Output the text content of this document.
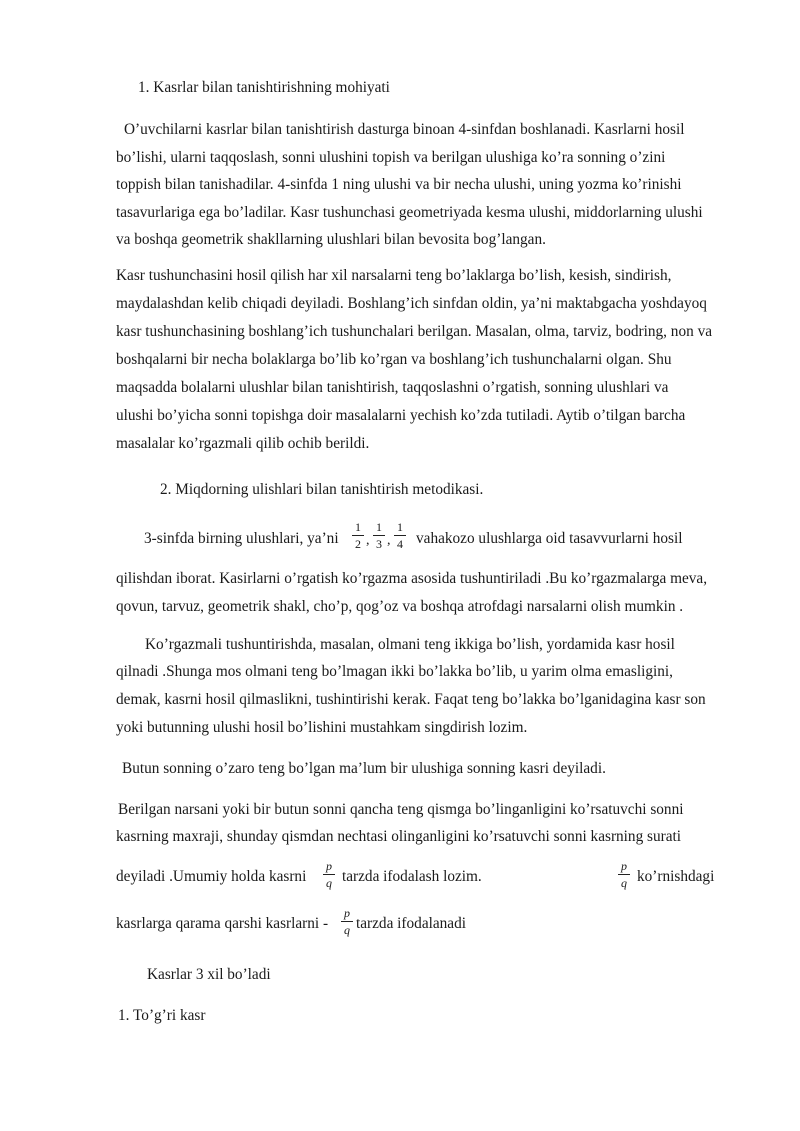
1. Kasrlar bilan tanishtirishning mohiyati
O’uvchilarni kasrlar bilan tanishtirish dasturga binoan 4-sinfdan boshlanadi. Kasrlarni hosil
bo’lishi, ularni taqqoslash, sonni ulushini topish va berilgan ulushiga ko’ra sonning o’zini
toppish bilan tanishadilar. 4-sinfda 1 ning ulushi va bir necha ulushi, uning yozma ko’rinishi
tasavurlariga ega bo’ladilar. Kasr tushunchasi geometriyada kesma ulushi, middorlarning ulushi
va boshqa geometrik shakllarning ulushlari bilan bevosita bog’langan.
Kasr tushunchasini hosil qilish har xil narsalarni teng bo’laklarga bo’lish, kesish, sindirish,
maydalashdan kelib chiqadi deyiladi. Boshlang’ich sinfdan oldin, ya’ni maktabgacha yoshdayoq
kasr tushunchasining boshlang’ich tushunchalari berilgan. Masalan, olma, tarviz, bodring, non va
boshqalarni bir necha bolaklarga bo’lib ko’rgan va boshlang’ich tushunchalarni olgan. Shu
maqsadda bolalarni ulushlar bilan tanishtirish, taqqoslashni o’rgatish, sonning ulushlari va
ulushi bo’yicha sonni topishga doir masalalarni yechish ko’zda tutiladi. Aytib o’tilgan barcha
masalalar ko’rgazmali qilib ochib berildi.
2. Miqdorning ulishlari bilan tanishtirish metodikasi.
3-sinfda birning ulushlari, ya’ni
1
2 ,
1
3 ,
1
4 vahakozo ulushlarga oid tasavvurlarni hosil
qilishdan iborat. Kasirlarni o’rgatish ko’rgazma asosida tushuntiriladi .Bu ko’rgazmalarga meva,
qovun, tarvuz, geometrik shakl, cho’p, qog’oz va boshqa atrofdagi narsalarni olish mumkin .
Ko’rgazmali tushuntirishda, masalan, olmani teng ikkiga bo’lish, yordamida kasr hosil
qilnadi .Shunga mos olmani teng bo’lmagan ikki bo’lakka bo’lib, u yarim olma emasligini,
demak, kasrni hosil qilmaslikni, tushintirishi kerak. Faqat teng bo’lakka bo’lganidagina kasr son
yoki butunning ulushi hosil bo’lishini mustahkam singdirish lozim.
Butun sonning o’zaro teng bo’lgan ma’lum bir ulushiga sonning kasri deyiladi.
Berilgan narsani yoki bir butun sonni qancha teng qismga bo’linganligini ko’rsatuvchi sonni
kasrning maxraji, shunday qismdan nechtasi olinganligini ko’rsatuvchi sonni kasrning surati
deyiladi .Umumiy holda kasrni
p
q tarzda ifodalash lozim.
p
q ko’rnishdagi
kasrlarga qarama qarshi kasrlarni -
p
q tarzda ifodalanadi
Kasrlar 3 xil bo’ladi
1. To’g’ri kasr
